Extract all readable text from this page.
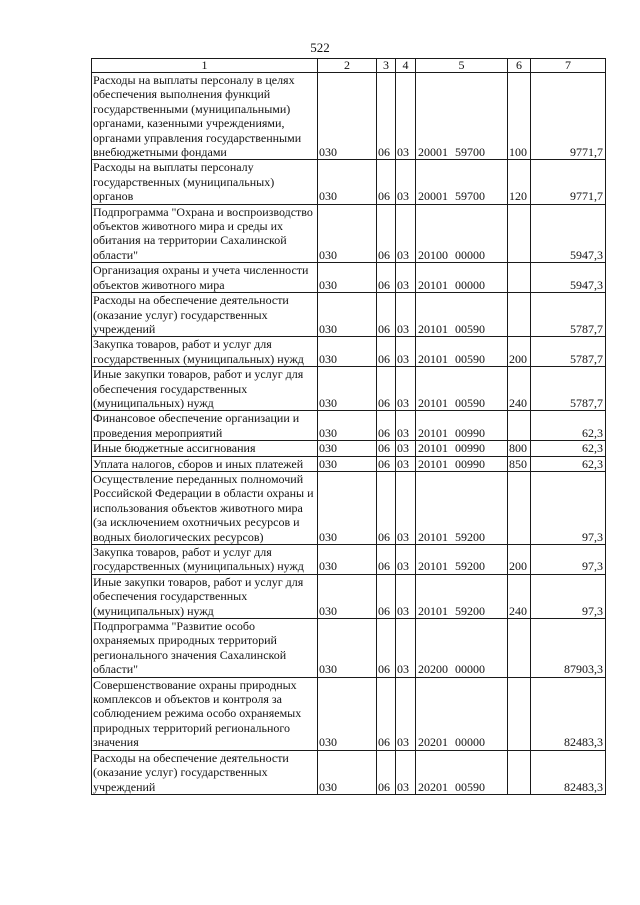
522
1	2	3	4	5	6	7
Расходы на выплаты персоналу в целях обеспечения выполнения функций государственными (муниципальными) органами, казенными учреждениями, органами управления государственными внебюджетными фондами	030	06	03	20001 59700	100	9771,7
Расходы на выплаты персоналу государственных (муниципальных) органов	030	06	03	20001 59700	120	9771,7
Подпрограмма "Охрана и воспроизводство объектов животного мира и среды их обитания на территории Сахалинской области"	030	06	03	20100 00000		5947,3
Организация охраны и учета численности объектов животного мира	030	06	03	20101 00000		5947,3
Расходы на обеспечение деятельности (оказание услуг) государственных учреждений	030	06	03	20101 00590		5787,7
Закупка товаров, работ и услуг для государственных (муниципальных) нужд	030	06	03	20101 00590	200	5787,7
Иные закупки товаров, работ и услуг для обеспечения государственных (муниципальных) нужд	030	06	03	20101 00590	240	5787,7
Финансовое обеспечение организации и проведения мероприятий	030	06	03	20101 00990		62,3
Иные бюджетные ассигнования	030	06	03	20101 00990	800	62,3
Уплата налогов, сборов и иных платежей	030	06	03	20101 00990	850	62,3
Осуществление переданных полномочий Российской Федерации в области охраны и использования объектов животного мира (за исключением охотничьих ресурсов и водных биологических ресурсов)	030	06	03	20101 59200		97,3
Закупка товаров, работ и услуг для государственных (муниципальных) нужд	030	06	03	20101 59200	200	97,3
Иные закупки товаров, работ и услуг для обеспечения государственных (муниципальных) нужд	030	06	03	20101 59200	240	97,3
Подпрограмма "Развитие особо охраняемых природных территорий регионального значения Сахалинской области"	030	06	03	20200 00000		87903,3
Совершенствование охраны природных комплексов и объектов и контроля за соблюдением режима особо охраняемых природных территорий регионального значения	030	06	03	20201 00000		82483,3
Расходы на обеспечение деятельности (оказание услуг) государственных учреждений	030	06	03	20201 00590		82483,3
